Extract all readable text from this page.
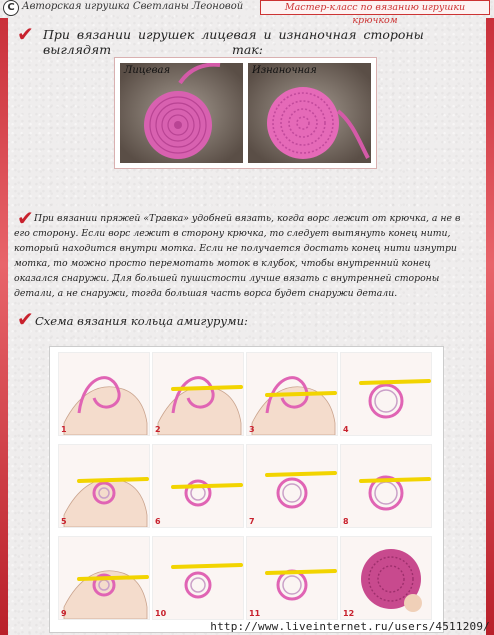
C Авторская игрушка Светланы Леоновой	Мастер-класс по вязанию игрушки крючком
✔ При вязании игрушек лицевая и изнаночная стороны выглядят	так:
Лицевая	Изнаночная
✔ При вязании пряжей «Травка» удобней вязать, когда ворс лежит от крючка, а не в
его сторону. Если ворс лежит в сторону крючка, то следует вытянуть конец нити,
который находится внутри мотка. Если не получается достать конец нити изнутри
мотка, то можно просто перемотать моток в клубок, чтобы внутренний конец
оказался снаружи. Для большей пушистости лучше вязать с внутренней стороны
детали, а не снаружи, тогда большая часть ворса будет снаружи детали.
✔ Схема вязания кольца амигуруми:
1	2	3	4
5	6	7	8
9	10	11	12
http://www.liveinternet.ru/users/4511209/
